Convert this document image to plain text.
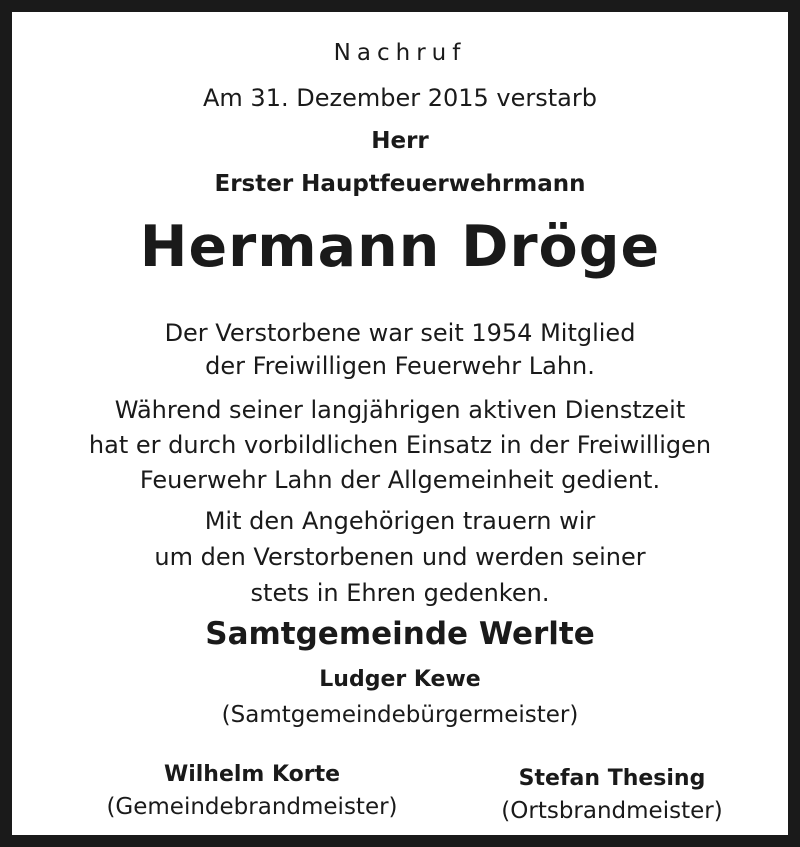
Nachruf
Am 31. Dezember 2015 verstarb
Herr
Erster Hauptfeuerwehrmann
Hermann Dröge
Der Verstorbene war seit 1954 Mitglied
der Freiwilligen Feuerwehr Lahn.
Während seiner langjährigen aktiven Dienstzeit
hat er durch vorbildlichen Einsatz in der Freiwilligen
Feuerwehr Lahn der Allgemeinheit gedient.
Mit den Angehörigen trauern wir
um den Verstorbenen und werden seiner
stets in Ehren gedenken.
Samtgemeinde Werlte
Ludger Kewe
(Samtgemeindebürgermeister)
Wilhelm Korte
(Gemeindebrandmeister)
Stefan Thesing
(Ortsbrandmeister)
